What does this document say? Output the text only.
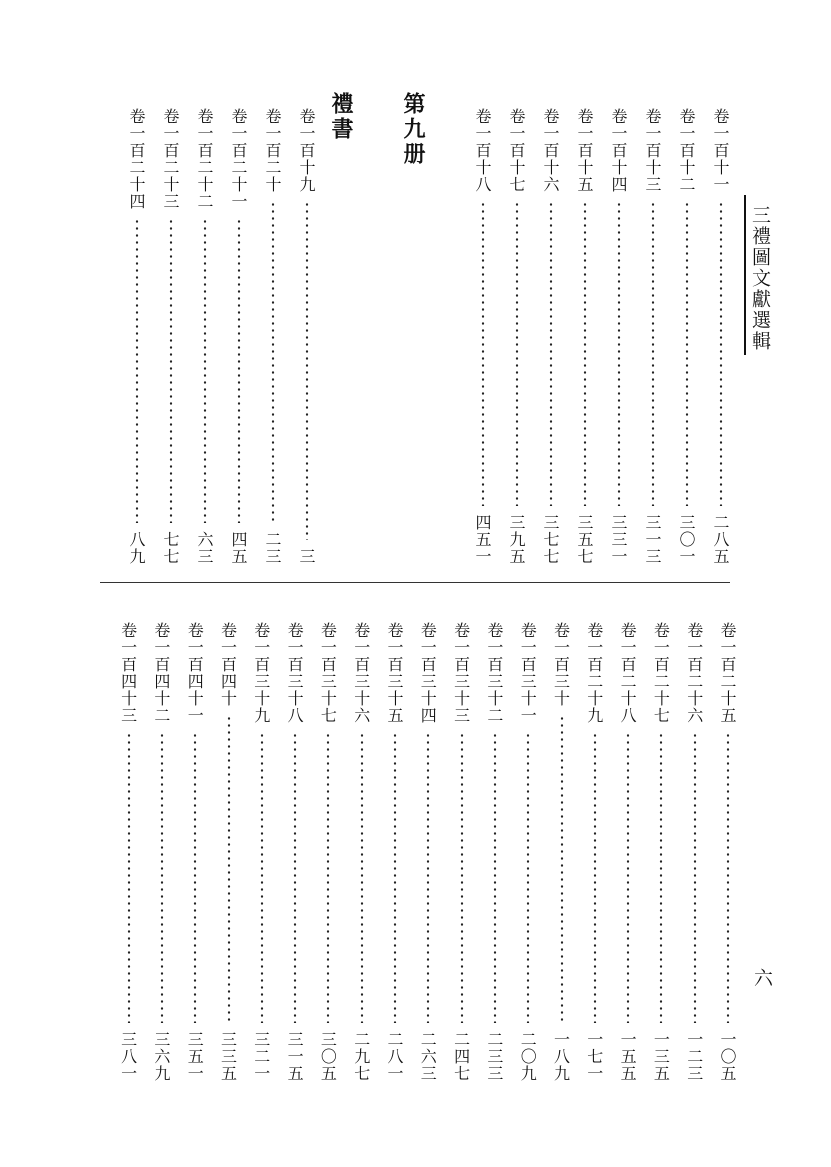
三禮圖文獻選輯
第九册
禮書	卷一百十一
二八五
卷一百十二
三〇一
卷一百十三
三一三
卷一百十四
三三一
卷一百十五
三五七
卷一百十六
三七七
卷一百十七
三九五
卷一百十八
四五一
卷一百十九
三
卷一百二十
二三
卷一百二十一
四五
卷一百二十二
六三
卷一百二十三
七七
卷一百二十四
八九
卷一百二十五
一〇五
卷一百二十六
一二三
卷一百二十七
一三五
卷一百二十八
一五五
卷一百二十九
一七一
卷一百三十
一八九
卷一百三十一
二〇九
卷一百三十二
二三三
卷一百三十三
二四七
卷一百三十四
二六三
卷一百三十五
二八一
卷一百三十六
二九七
卷一百三十七
三〇五
卷一百三十八
三一五
卷一百三十九
三二一
卷一百四十
三三五
卷一百四十一
三五一
卷一百四十二
三六九
卷一百四十三
三八一
六
